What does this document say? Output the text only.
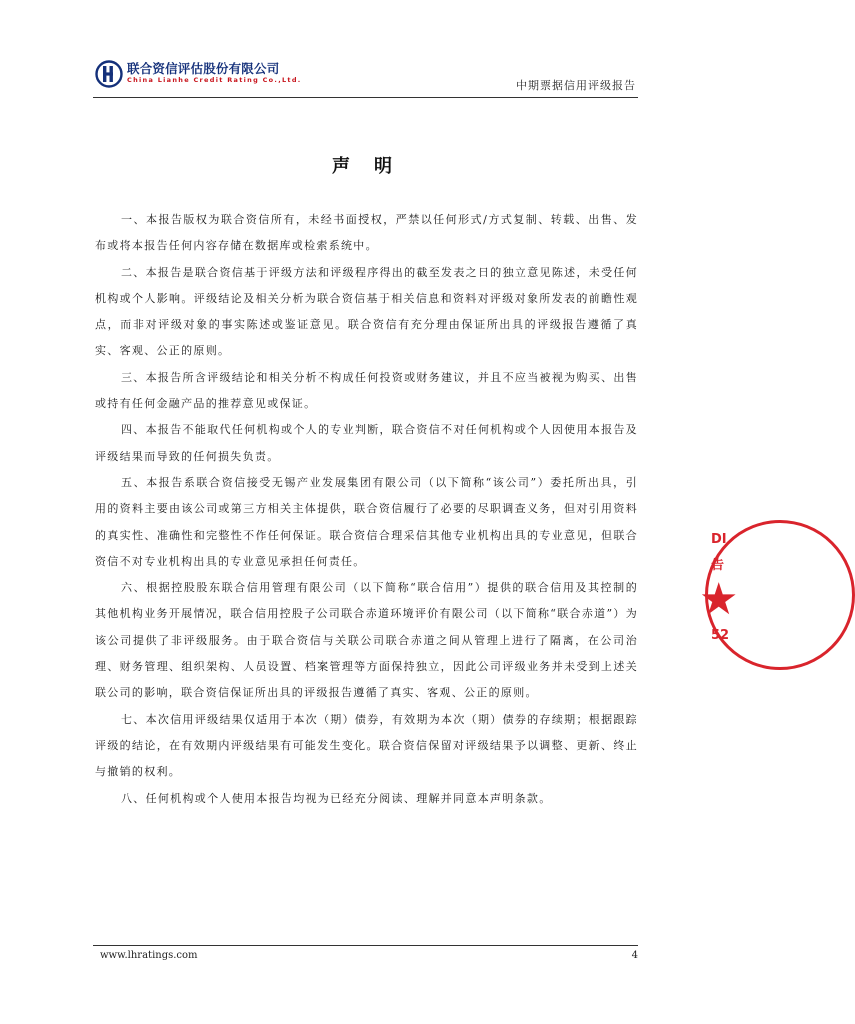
联合资信评估股份有限公司
China Lianhe Credit Rating Co.,Ltd.	中期票据信用评级报告
声明

一、本报告版权为联合资信所有，未经书面授权，严禁以任何形式/方式复制、转载、出售、发布或将本报告任何内容存储在数据库或检索系统中。

二、本报告是联合资信基于评级方法和评级程序得出的截至发表之日的独立意见陈述，未受任何机构或个人影响。评级结论及相关分析为联合资信基于相关信息和资料对评级对象所发表的前瞻性观点，而非对评级对象的事实陈述或鉴证意见。联合资信有充分理由保证所出具的评级报告遵循了真实、客观、公正的原则。

三、本报告所含评级结论和相关分析不构成任何投资或财务建议，并且不应当被视为购买、出售或持有任何金融产品的推荐意见或保证。

四、本报告不能取代任何机构或个人的专业判断，联合资信不对任何机构或个人因使用本报告及评级结果而导致的任何损失负责。

五、本报告系联合资信接受无锡产业发展集团有限公司（以下简称“该公司”）委托所出具，引用的资料主要由该公司或第三方相关主体提供，联合资信履行了必要的尽职调查义务，但对引用资料的真实性、准确性和完整性不作任何保证。联合资信合理采信其他专业机构出具的专业意见，但联合资信不对专业机构出具的专业意见承担任何责任。

六、根据控股股东联合信用管理有限公司（以下简称“联合信用”）提供的联合信用及其控制的其他机构业务开展情况，联合信用控股子公司联合赤道环境评价有限公司（以下简称“联合赤道”）为该公司提供了非评级服务。由于联合资信与关联公司联合赤道之间从管理上进行了隔离，在公司治理、财务管理、组织架构、人员设置、档案管理等方面保持独立，因此公司评级业务并未受到上述关联公司的影响，联合资信保证所出具的评级报告遵循了真实、客观、公正的原则。

七、本次信用评级结果仅适用于本次（期）债券，有效期为本次（期）债券的存续期；根据跟踪评级的结论，在有效期内评级结果有可能发生变化。联合资信保留对评级结果予以调整、更新、终止与撤销的权利。

八、任何机构或个人使用本报告均视为已经充分阅读、理解并同意本声明条款。

★
DI
告
52
www.lhratings.com	4
